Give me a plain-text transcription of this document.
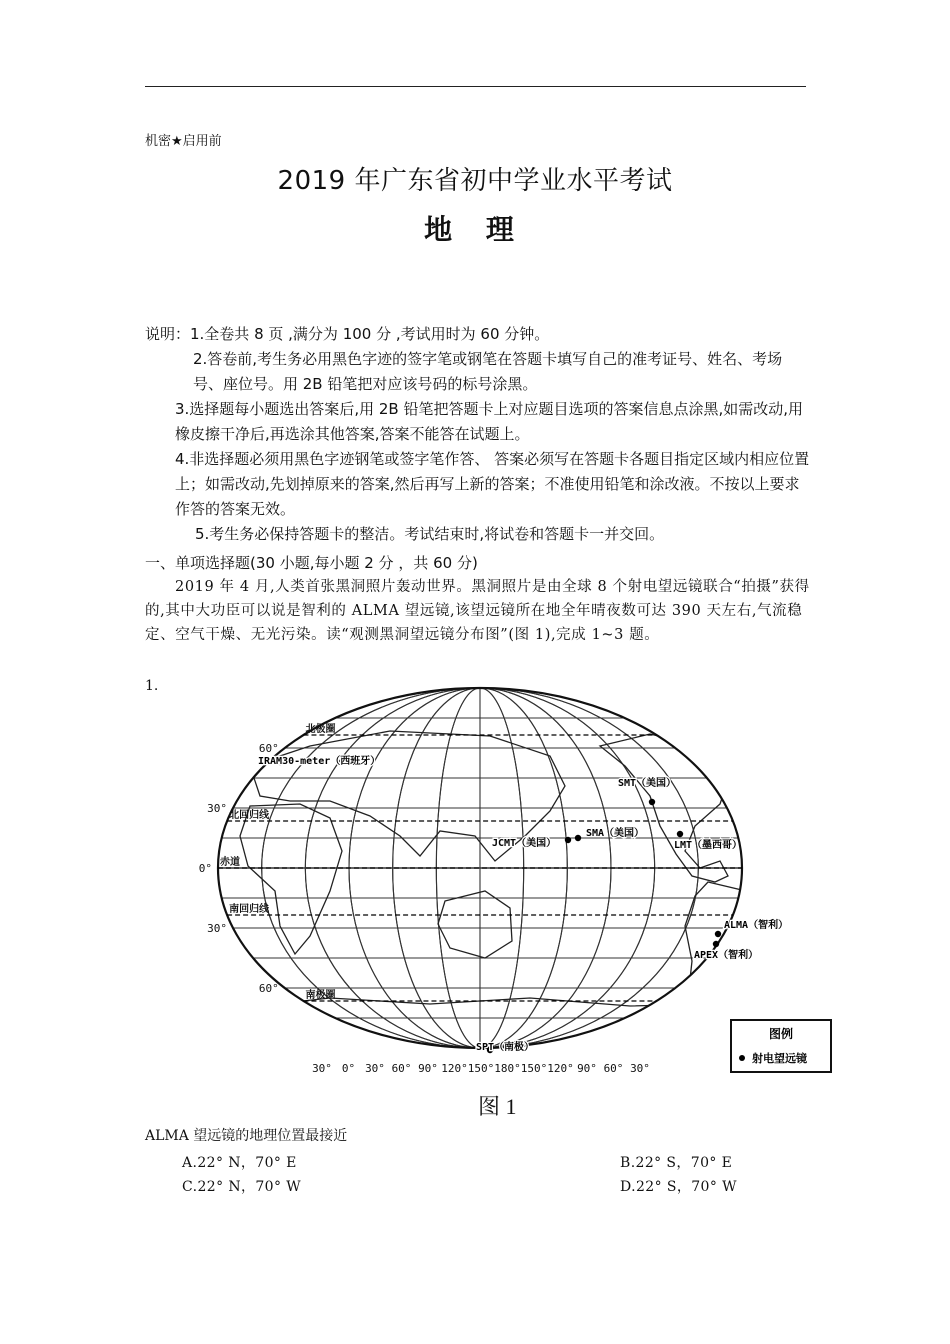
机密★启用前
2019 年广东省初中学业水平考试
地 理

说明：1.全卷共 8 页 ,满分为 100 分 ,考试用时为 60 分钟。

2.答卷前,考生务必用黑色字迹的签字笔或钢笔在答题卡填写自己的准考证号、姓名、考场号、座位号。用 2B 铅笔把对应该号码的标号涂黑。

3.选择题每小题选出答案后,用 2B 铅笔把答题卡上对应题目选项的答案信息点涂黑,如需改动,用橡皮擦干净后,再选涂其他答案,答案不能答在试题上。

4.非选择题必须用黑色字迹钢笔或签字笔作答、 答案必须写在答题卡各题目指定区域内相应位置上；如需改动,先划掉原来的答案,然后再写上新的答案；不准使用铅笔和涂改液。不按以上要求作答的答案无效。

5.考生务必保持答题卡的整洁。考试结束时,将试卷和答题卡一并交回。

一、单项选择题(30 小题,每小题 2 分 ，共 60 分)
2019 年 4 月,人类首张黑洞照片轰动世界。黑洞照片是由全球 8 个射电望远镜联合“拍摄”获得的,其中大功臣可以说是智利的 ALMA 望远镜,该望远镜所在地全年晴夜数可达 390 天左右,气流稳定、空气干燥、无光污染。读“观测黑洞望远镜分布图”(图 1),完成 1~3 题。
1.
北极圈
北回归线
赤道
南回归线
南极圈
60°
30°
0°
30°
60°
30° 0° 30° 60° 90° 120° 150° 180° 150° 120° 90° 60° 30°
IRAM30-meter（西班牙）
SMT（美国）
JCMT（美国）
SMA（美国）
LMT（墨西哥）
ALMA（智利）
APEX（智利）
SPT（南极）
图例
射电望远镜
图 1
ALMA 望远镜的地理位置最接近
A.22° N，70° E	B.22° S，70° E
C.22° N，70° W	D.22° S，70° W
